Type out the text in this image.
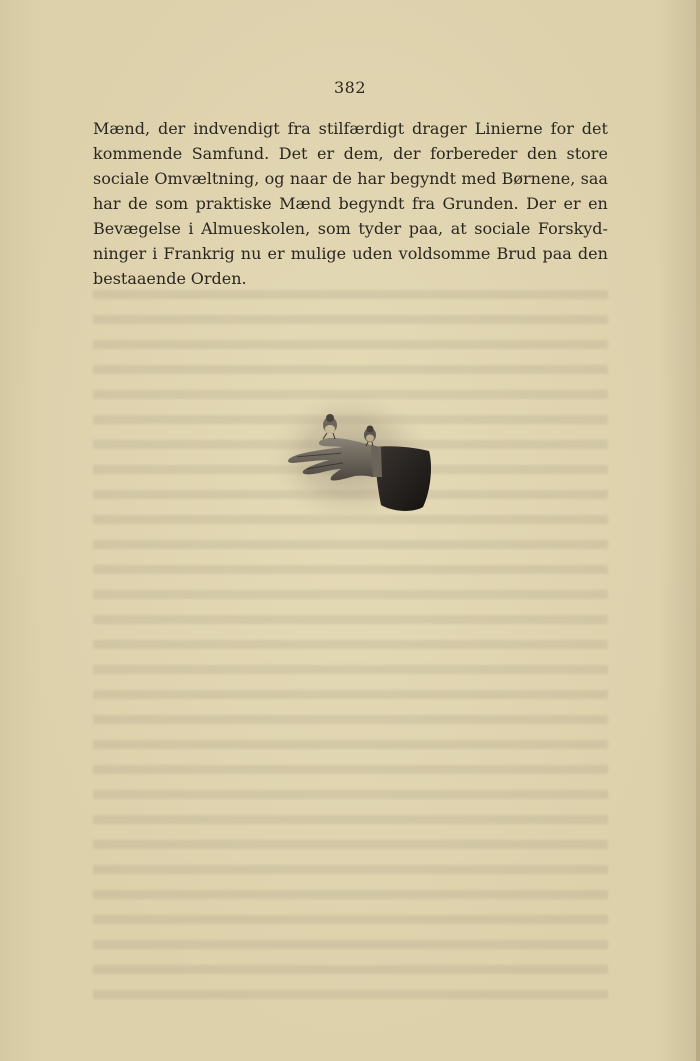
382
Mænd, der indvendigt fra stilfærdigt drager Linierne for det
kommende Samfund. Det er dem, der forbereder den store
sociale Omvæltning, og naar de har begyndt med Børnene, saa
har de som praktiske Mænd begyndt fra Grunden. Der er en
Bevægelse i Almueskolen, som tyder paa, at sociale Forskyd-
ninger i Frankrig nu er mulige uden voldsomme Brud paa den
bestaaende Orden.
